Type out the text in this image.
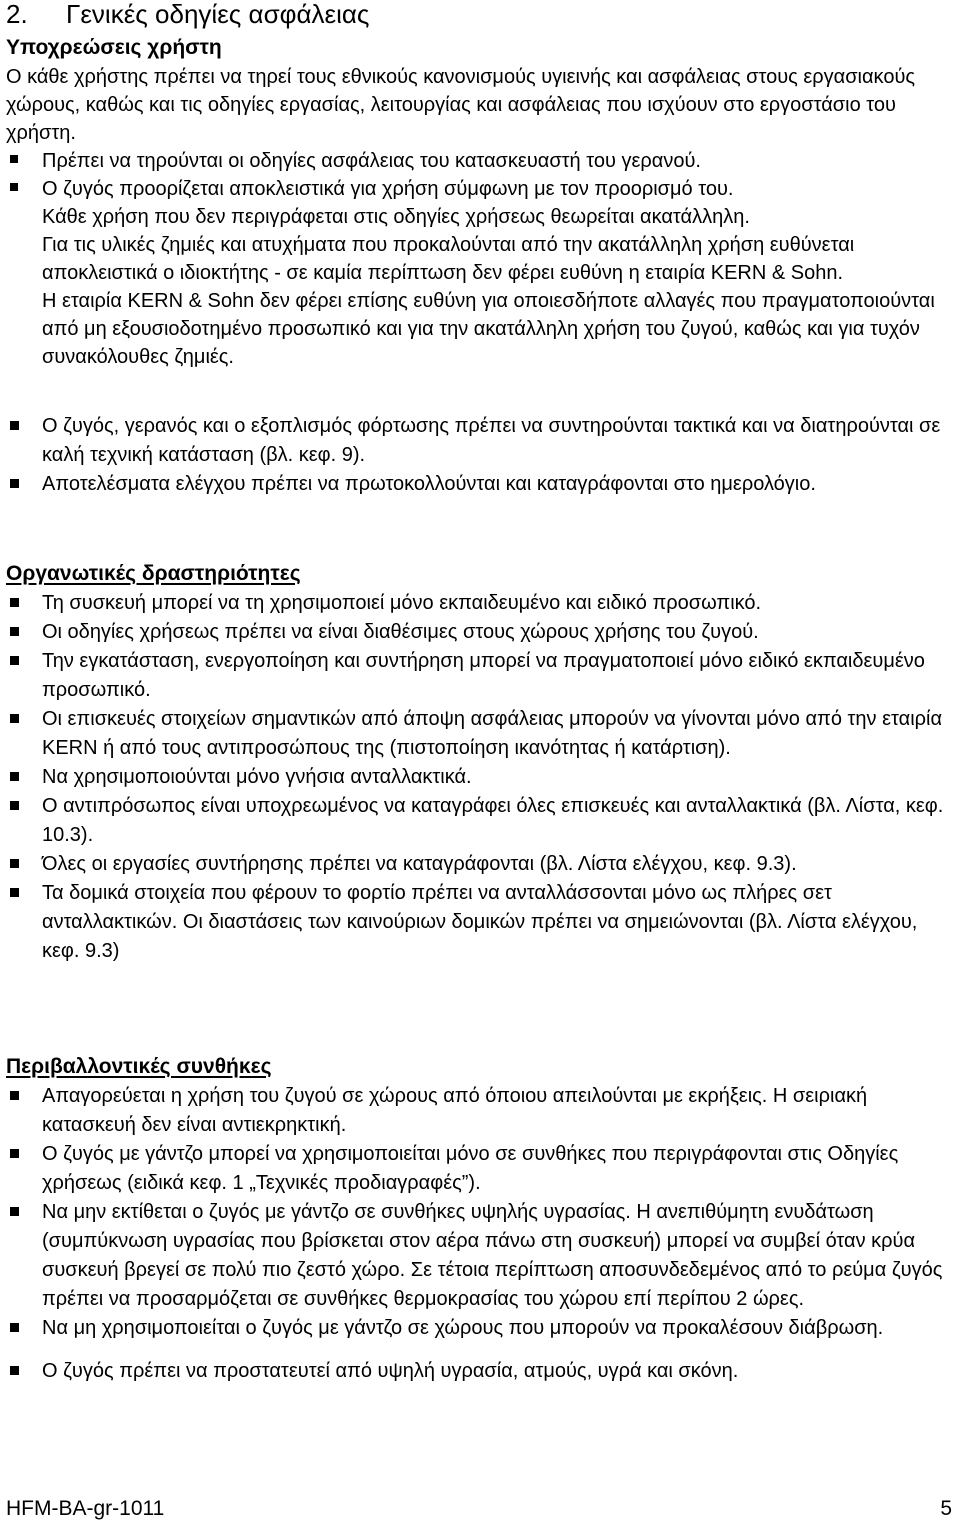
2. Γενικές οδηγίες ασφάλειας
Υποχρεώσεις χρήστη

Ο κάθε χρήστης πρέπει να τηρεί τους εθνικούς κανονισμούς υγιεινής και ασφάλειας στους εργασιακούς χώρους, καθώς και τις οδηγίες εργασίας, λειτουργίας και ασφάλειας που ισχύουν στο εργοστάσιο του χρήστη.

Πρέπει να τηρούνται οι οδηγίες ασφάλειας του κατασκευαστή του γερανού.
Ο ζυγός προορίζεται αποκλειστικά για χρήση σύμφωνη με τον προορισμό του.
Κάθε χρήση που δεν περιγράφεται στις οδηγίες χρήσεως θεωρείται ακατάλληλη.
Για τις υλικές ζημιές και ατυχήματα που προκαλούνται από την ακατάλληλη χρήση ευθύνεται αποκλειστικά ο ιδιοκτήτης - σε καμία περίπτωση δεν φέρει ευθύνη η εταιρία KERN & Sohn.
Η εταιρία KERN & Sohn δεν φέρει επίσης ευθύνη για οποιεσδήποτε αλλαγές που πραγματοποιούνται από μη εξουσιοδοτημένο προσωπικό και για την ακατάλληλη χρήση του ζυγού, καθώς και για τυχόν συνακόλουθες ζημιές.
Ο ζυγός, γερανός και ο εξοπλισμός φόρτωσης πρέπει να συντηρούνται τακτικά και να διατηρούνται σε καλή τεχνική κατάσταση (βλ. κεφ. 9).
Αποτελέσματα ελέγχου πρέπει να πρωτοκολλούνται και καταγράφονται στο ημερολόγιο.
Οργανωτικές δραστηριότητες
Τη συσκευή μπορεί να τη χρησιμοποιεί μόνο εκπαιδευμένο και ειδικό προσωπικό.
Οι οδηγίες χρήσεως πρέπει να είναι διαθέσιμες στους χώρους χρήσης του ζυγού.
Την εγκατάσταση, ενεργοποίηση και συντήρηση μπορεί να πραγματοποιεί μόνο ειδικό εκπαιδευμένο προσωπικό.
Οι επισκευές στοιχείων σημαντικών από άποψη ασφάλειας μπορούν να γίνονται μόνο από την εταιρία KERN ή από τους αντιπροσώπους της (πιστοποίηση ικανότητας ή κατάρτιση).
Να χρησιμοποιούνται μόνο γνήσια ανταλλακτικά.
Ο αντιπρόσωπος είναι υποχρεωμένος να καταγράφει όλες επισκευές και ανταλλακτικά (βλ. Λίστα, κεφ. 10.3).
Όλες οι εργασίες συντήρησης πρέπει να καταγράφονται (βλ. Λίστα ελέγχου, κεφ. 9.3).
Τα δομικά στοιχεία που φέρουν το φορτίο πρέπει να ανταλλάσσονται μόνο ως πλήρες σετ ανταλλακτικών. Οι διαστάσεις των καινούριων δομικών πρέπει να σημειώνονται (βλ. Λίστα ελέγχου, κεφ. 9.3)
Περιβαλλοντικές συνθήκες
Απαγορεύεται η χρήση του ζυγού σε χώρους από όποιου απειλούνται με εκρήξεις. Η σειριακή κατασκευή δεν είναι αντιεκρηκτική.
Ο ζυγός με γάντζο μπορεί να χρησιμοποιείται μόνο σε συνθήκες που περιγράφονται στις Οδηγίες χρήσεως (ειδικά κεφ. 1 „Τεχνικές προδιαγραφές”).
Να μην εκτίθεται ο ζυγός με γάντζο σε συνθήκες υψηλής υγρασίας. Η ανεπιθύμητη ενυδάτωση (συμπύκνωση υγρασίας που βρίσκεται στον αέρα πάνω στη συσκευή) μπορεί να συμβεί όταν κρύα συσκευή βρεγεί σε πολύ πιο ζεστό χώρο. Σε τέτοια περίπτωση αποσυνδεδεμένος από το ρεύμα ζυγός πρέπει να προσαρμόζεται σε συνθήκες θερμοκρασίας του χώρου επί περίπου 2 ώρες.
Να μη χρησιμοποιείται ο ζυγός με γάντζο σε χώρους που μπορούν να προκαλέσουν διάβρωση.
Ο ζυγός πρέπει να προστατευτεί από υψηλή υγρασία, ατμούς, υγρά και σκόνη.
HFM-BA-gr-1011	5
